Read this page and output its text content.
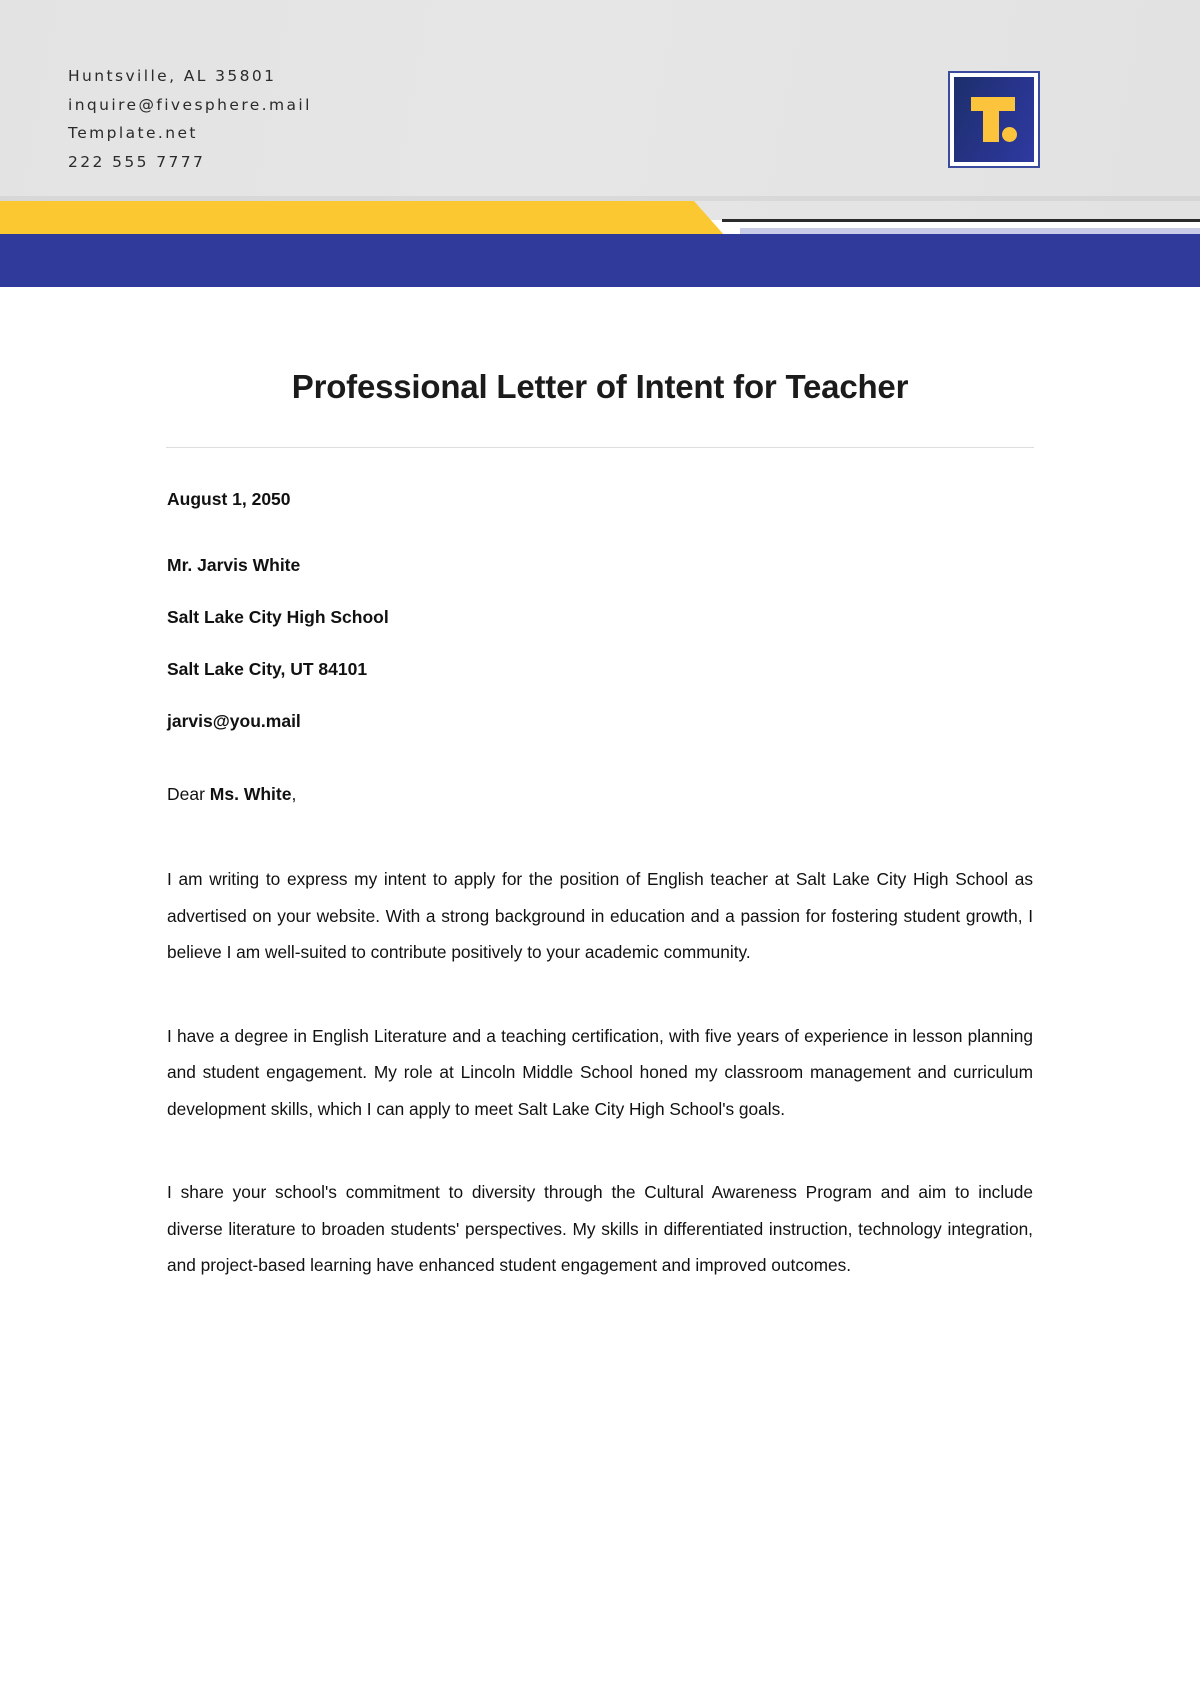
Huntsville, AL 35801
inquire@fivesphere.mail
Template.net
222 555 7777
Professional Letter of Intent for Teacher

August 1, 2050

Mr. Jarvis White

Salt Lake City High School

Salt Lake City, UT 84101

jarvis@you.mail

Dear Ms. White,

I am writing to express my intent to apply for the position of English teacher at Salt Lake City High School as advertised on your website. With a strong background in education and a passion for fostering student growth, I believe I am well-suited to contribute positively to your academic community.

I have a degree in English Literature and a teaching certification, with five years of experience in lesson planning and student engagement. My role at Lincoln Middle School honed my classroom management and curriculum development skills, which I can apply to meet Salt Lake City High School's goals.

I share your school's commitment to diversity through the Cultural Awareness Program and aim to include diverse literature to broaden students' perspectives. My skills in differentiated instruction, technology integration, and project-based learning have enhanced student engagement and improved outcomes.
